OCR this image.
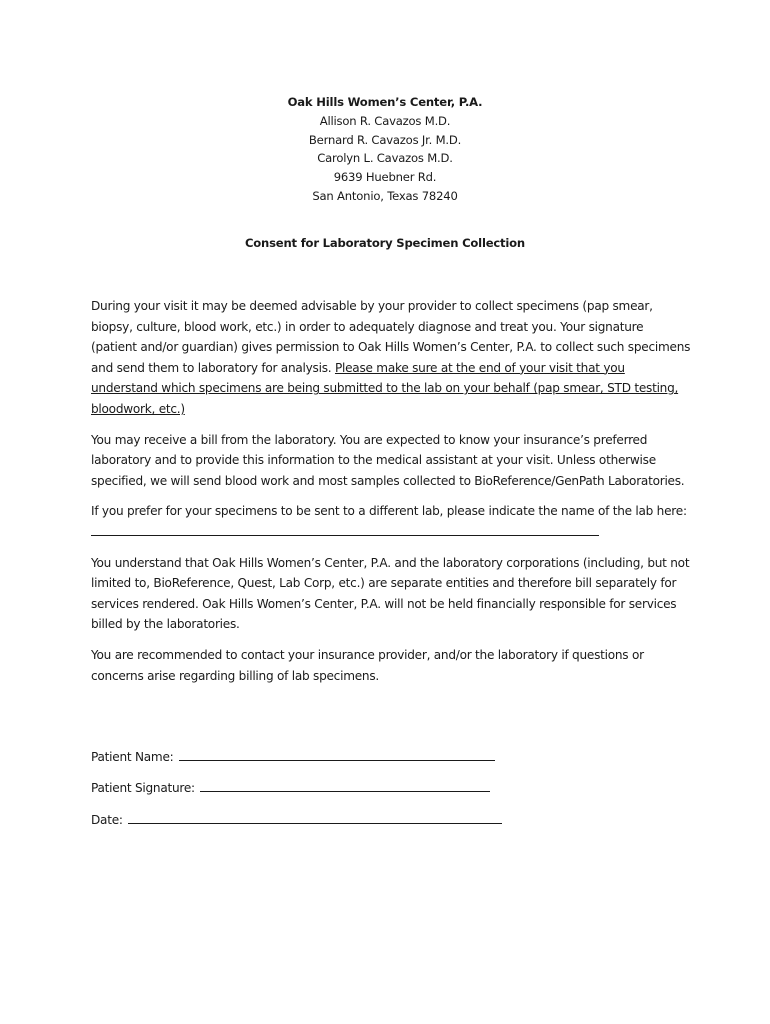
Oak Hills Women’s Center, P.A.
Allison R. Cavazos M.D.
Bernard R. Cavazos Jr. M.D.
Carolyn L. Cavazos M.D.
9639 Huebner Rd.
San Antonio, Texas 78240
Consent for Laboratory Specimen Collection

During your visit it may be deemed advisable by your provider to collect specimens (pap smear, biopsy, culture, blood work, etc.) in order to adequately diagnose and treat you. Your signature (patient and/or guardian) gives permission to Oak Hills Women’s Center, P.A. to collect such specimens and send them to laboratory for analysis. Please make sure at the end of your visit that you understand which specimens are being submitted to the lab on your behalf (pap smear, STD testing, bloodwork, etc.)

You may receive a bill from the laboratory. You are expected to know your insurance’s preferred laboratory and to provide this information to the medical assistant at your visit. Unless otherwise specified, we will send blood work and most samples collected to BioReference/GenPath Laboratories.

If you prefer for your specimens to be sent to a different lab, please indicate the name of the lab here:

You understand that Oak Hills Women’s Center, P.A. and the laboratory corporations (including, but not limited to, BioReference, Quest, Lab Corp, etc.) are separate entities and therefore bill separately for services rendered. Oak Hills Women’s Center, P.A. will not be held financially responsible for services billed by the laboratories.

You are recommended to contact your insurance provider, and/or the laboratory if questions or concerns arise regarding billing of lab specimens.

Patient Name:
Patient Signature:
Date:
